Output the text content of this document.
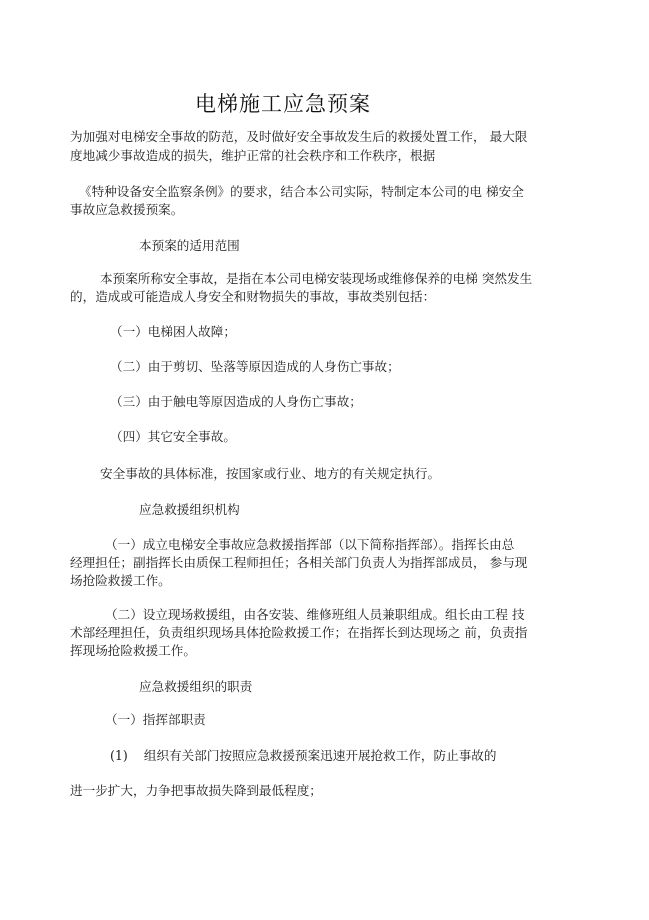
电梯施工应急预案
为加强对电梯安全事故的防范，及时做好安全事故发生后的救援处置工作， 最大限
度地减少事故造成的损失，维护正常的社会秩序和工作秩序，根据
《特种设备安全监察条例》的要求，结合本公司实际，特制定本公司的电 梯安全
事故应急救援预案。
本预案的适用范围
本预案所称安全事故，是指在本公司电梯安装现场或维修保养的电梯 突然发生
的，造成或可能造成人身安全和财物损失的事故，事故类别包括：
（一）电梯困人故障；
（二）由于剪切、坠落等原因造成的人身伤亡事故；
（三）由于触电等原因造成的人身伤亡事故；
（四）其它安全事故。
安全事故的具体标准，按国家或行业、地方的有关规定执行。
应急救援组织机构
（一）成立电梯安全事故应急救援指挥部（以下简称指挥部）。指挥长由总
经理担任；副指挥长由质保工程师担任；各相关部门负责人为指挥部成员， 参与现
场抢险救援工作。
（二）设立现场救援组，由各安装、维修班组人员兼职组成。组长由工程 技
术部经理担任，负责组织现场具体抢险救援工作；在指挥长到达现场之 前，负责指
挥现场抢险救援工作。
应急救援组织的职责
（一）指挥部职责
(1)    组织有关部门按照应急救援预案迅速开展抢救工作，防止事故的
进一步扩大，力争把事故损失降到最低程度；
